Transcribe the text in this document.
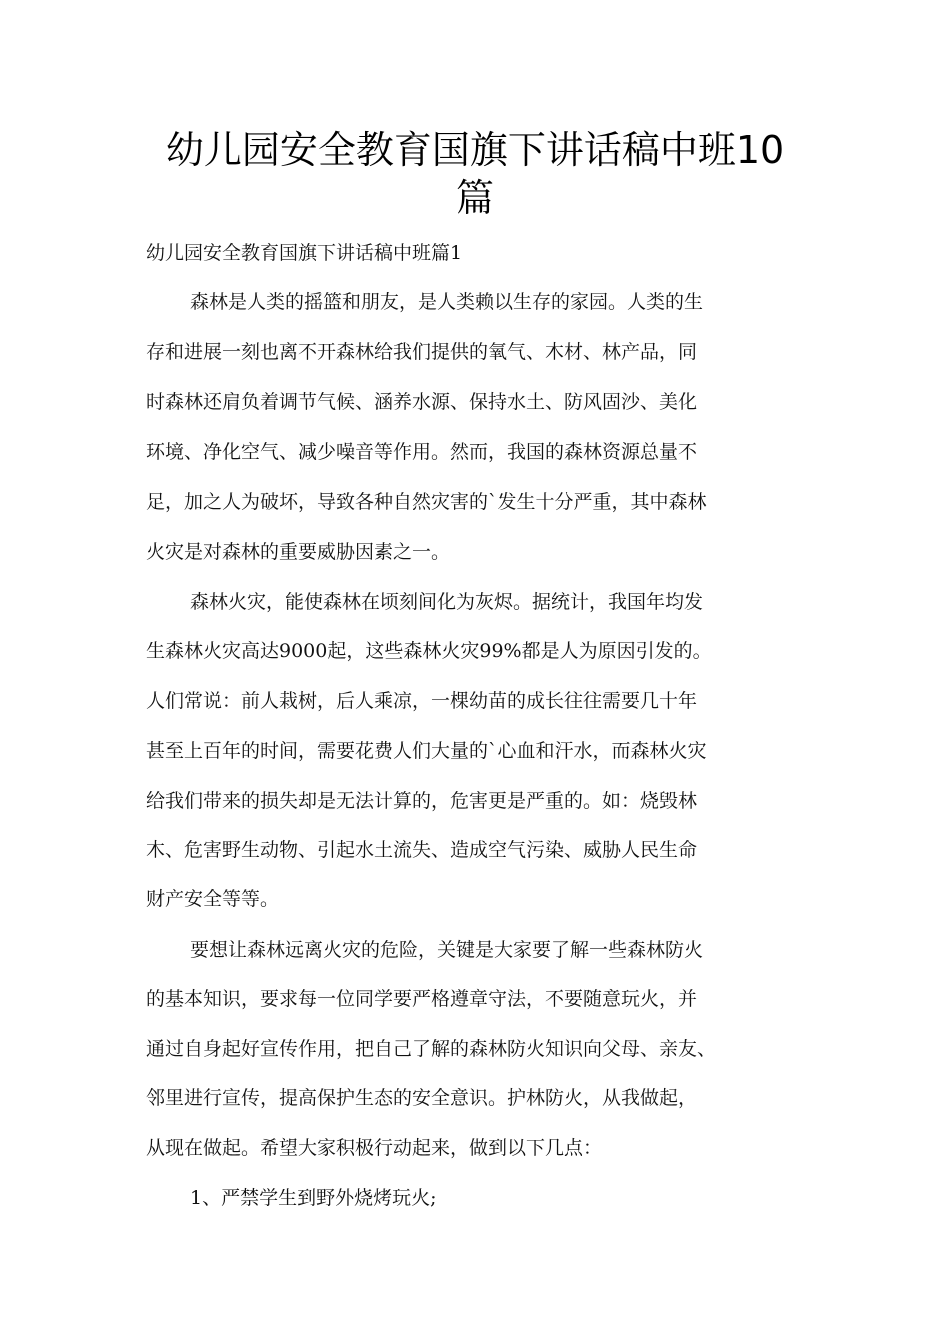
幼儿园安全教育国旗下讲话稿中班10
篇

幼儿园安全教育国旗下讲话稿中班篇1

森林是人类的摇篮和朋友，是人类赖以生存的家园。人类的生

存和进展一刻也离不开森林给我们提供的氧气、木材、林产品，同

时森林还肩负着调节气候、涵养水源、保持水土、防风固沙、美化

环境、净化空气、减少噪音等作用。然而，我国的森林资源总量不

足，加之人为破坏，导致各种自然灾害的`发生十分严重，其中森林

火灾是对森林的重要威胁因素之一。

森林火灾，能使森林在顷刻间化为灰烬。据统计，我国年均发

生森林火灾高达9000起，这些森林火灾99%都是人为原因引发的。

人们常说：前人栽树，后人乘凉，一棵幼苗的成长往往需要几十年

甚至上百年的时间，需要花费人们大量的`心血和汗水，而森林火灾

给我们带来的损失却是无法计算的，危害更是严重的。如：烧毁林

木、危害野生动物、引起水土流失、造成空气污染、威胁人民生命

财产安全等等。

要想让森林远离火灾的危险，关键是大家要了解一些森林防火

的基本知识，要求每一位同学要严格遵章守法，不要随意玩火，并

通过自身起好宣传作用，把自己了解的森林防火知识向父母、亲友、

邻里进行宣传，提高保护生态的安全意识。护林防火，从我做起，

从现在做起。希望大家积极行动起来，做到以下几点：

1、严禁学生到野外烧烤玩火;
